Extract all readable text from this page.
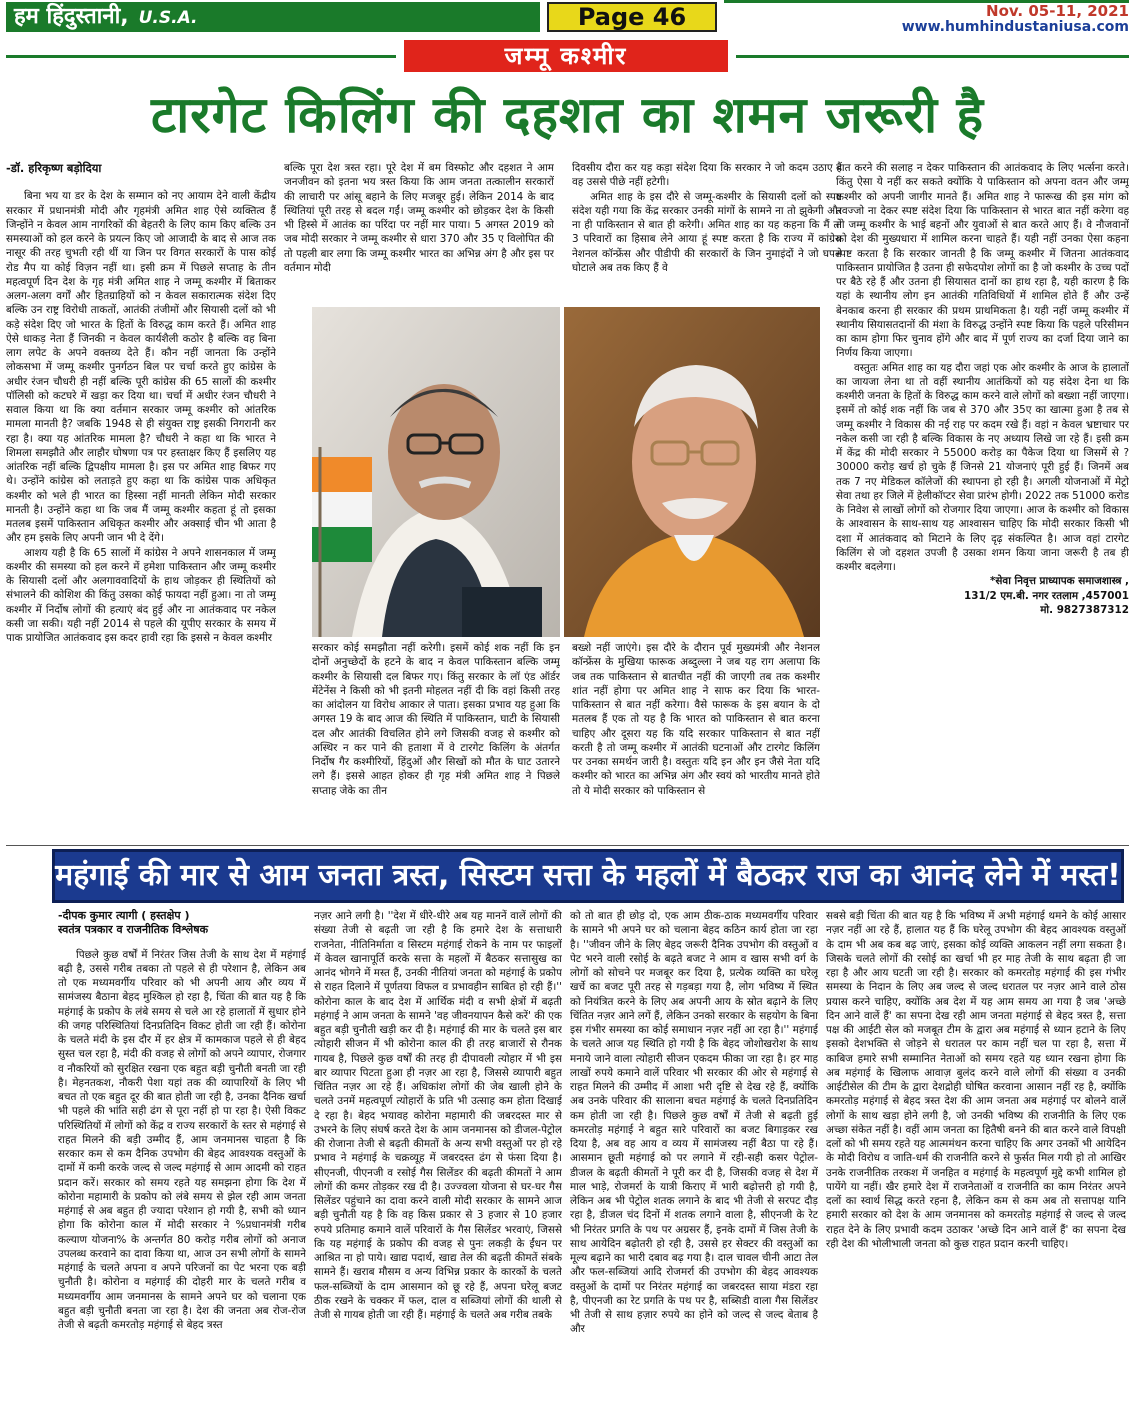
हम हिंदुस्तानी, U.S.A.	Page 46	Nov. 05-11, 2021
www.humhindustaniusa.com
जम्मू कश्मीर
टारगेट किलिंग की दहशत का शमन जरूरी है

-डॉ. हरिकृष्ण बड़ोदिया

बिना भय या डर के देश के सम्मान को नए आयाम देने वाली केंद्रीय सरकार में प्रधानमंत्री मोदी और गृहमंत्री अमित शाह ऐसे व्यक्तित्व हैं जिन्होंने न केवल आम नागरिकों की बेहतरी के लिए काम किए बल्कि उन समस्याओं को हल करने के प्रयत्न किए जो आजादी के बाद से आज तक नासूर की तरह चुभती रही थीं या जिन पर विगत सरकारों के पास कोई रोड मैप या कोई विज़न नहीं था। इसी क्रम में पिछले सप्ताह के तीन महत्वपूर्ण दिन देश के गृह मंत्री अमित शाह ने जम्मू कश्मीर में बिताकर अलग-अलग वर्गों और हितग्राहियों को न केवल सकारात्मक संदेश दिए बल्कि उन राष्ट्र विरोधी ताकतों, आतंकी तंजीमों और सियासी दलों को भी कड़े संदेश दिए जो भारत के हितों के विरुद्ध काम करते हैं। अमित शाह ऐसे धाकड़ नेता हैं जिनकी न केवल कार्यशैली कठोर है बल्कि वह बिना लाग लपेट के अपने वक्तव्य देते हैं। कौन नहीं जानता कि उन्होंने लोकसभा में जम्मू कश्मीर पुनर्गठन बिल पर चर्चा करते हुए कांग्रेस के अधीर रंजन चौधरी ही नहीं बल्कि पूरी कांग्रेस की 65 सालों की कश्मीर पॉलिसी को कटघरे में खड़ा कर दिया था। चर्चा में अधीर रंजन चौधरी ने सवाल किया था कि क्या वर्तमान सरकार जम्मू कश्मीर को आंतरिक मामला मानती है? जबकि 1948 से ही संयुक्त राष्ट्र इसकी निगरानी कर रहा है। क्या यह आंतरिक मामला है? चौधरी ने कहा था कि भारत ने शिमला समझौते और लाहौर घोषणा पत्र पर हस्ताक्षर किए हैं इसलिए यह आंतरिक नहीं बल्कि द्विपक्षीय मामला है। इस पर अमित शाह बिफर गए थे। उन्होंने कांग्रेस को लताड़ते हुए कहा था कि कांग्रेस पाक अधिकृत कश्मीर को भले ही भारत का हिस्सा नहीं मानती लेकिन मोदी सरकार मानती है। उन्होंने कहा था कि जब मैं जम्मू कश्मीर कहता हूं तो इसका मतलब इसमें पाकिस्तान अधिकृत कश्मीर और अक्साई चीन भी आता है और हम इसके लिए अपनी जान भी दे देंगे।

आशय यही है कि 65 सालों में कांग्रेस ने अपने शासनकाल में जम्मू कश्मीर की समस्या को हल करने में हमेशा पाकिस्तान और जम्मू कश्मीर के सियासी दलों और अलगाववादियों के हाथ जोड़कर ही स्थितियों को संभालने की कोशिश की किंतु उसका कोई फायदा नहीं हुआ। ना तो जम्मू कश्मीर में निर्दोष लोगों की हत्याएं बंद हुई और ना आतंकवाद पर नकेल कसी जा सकी। यही नहीं 2014 से पहले की यूपीए सरकार के समय में पाक प्रायोजित आतंकवाद इस कदर हावी रहा कि इससे न केवल कश्मीर

बल्कि पूरा देश त्रस्त रहा। पूरे देश में बम विस्फोट और दहशत ने आम जनजीवन को इतना भय त्रस्त किया कि आम जनता तत्कालीन सरकारों की लाचारी पर आंसू बहाने के लिए मजबूर हुई। लेकिन 2014 के बाद स्थितियां पूरी तरह से बदल गईं। जम्मू कश्मीर को छोड़कर देश के किसी भी हिस्से में आतंक का परिंदा पर नहीं मार पाया। 5 अगस्त 2019 को जब मोदी सरकार ने जम्मू कश्मीर से धारा 370 और 35 ए विलोपित की तो पहली बार लगा कि जम्मू कश्मीर भारत का अभिन्न अंग है और इस पर वर्तमान मोदी

दिवसीय दौरा कर यह कड़ा संदेश दिया कि सरकार ने जो कदम उठाए हैं वह उससे पीछे नहीं हटेगी।

अमित शाह के इस दौरे से जम्मू-कश्मीर के सियासी दलों को स्पष्ट संदेश यही गया कि केंद्र सरकार उनकी मांगों के सामने ना तो झुकेगी और ना ही पाकिस्तान से बात ही करेगी। अमित शाह का यह कहना कि मैं तो 3 परिवारों का हिसाब लेने आया हूं स्पष्ट करता है कि राज्य में कांग्रेस नेशनल कॉन्फ्रेंस और पीडीपी की सरकारों के जिन नुमाइंदों ने जो घपले घोटाले अब तक किए हैं वे

सरकार कोई समझौता नहीं करेगी। इसमें कोई शक नहीं कि इन दोनों अनुच्छेदों के हटने के बाद न केवल पाकिस्तान बल्कि जम्मू कश्मीर के सियासी दल बिफर गए। किंतु सरकार के लॉ एंड ऑर्डर मेंटेनेंस ने किसी को भी इतनी मोहलत नहीं दी कि वहां किसी तरह का आंदोलन या विरोध आकार ले पाता। इसका प्रभाव यह हुआ कि अगस्त 19 के बाद आज की स्थिति में पाकिस्तान, घाटी के सियासी दल और आतंकी विचलित होने लगे जिसकी वजह से कश्मीर को अस्थिर न कर पाने की हताशा में वे टारगेट किलिंग के अंतर्गत निर्दोष गैर कश्मीरियों, हिंदुओं और सिखों को मौत के घाट उतारने लगे हैं। इससे आहत होकर ही गृह मंत्री अमित शाह ने पिछले सप्ताह जेके का तीन

बख्शे नहीं जाएंगे। इस दौरे के दौरान पूर्व मुख्यमंत्री और नेशनल कॉन्फ्रेंस के मुखिया फारूक अब्दुल्ला ने जब यह राग अलापा कि जब तक पाकिस्तान से बातचीत नहीं की जाएगी तब तक कश्मीर शांत नहीं होगा पर अमित शाह ने साफ कर दिया कि भारत-पाकिस्तान से बात नहीं करेगा। वैसे फारूक के इस बयान के दो मतलब हैं एक तो यह है कि भारत को पाकिस्तान से बात करना चाहिए और दूसरा यह कि यदि सरकार पाकिस्तान से बात नहीं करती है तो जम्मू कश्मीर में आतंकी घटनाओं और टारगेट किलिंग पर उनका समर्थन जारी है। वस्तुतः यदि इन और इन जैसे नेता यदि कश्मीर को भारत का अभिन्न अंग और स्वयं को भारतीय मानते होते तो ये मोदी सरकार को पाकिस्तान से

बात करने की सलाह न देकर पाकिस्तान की आतंकवाद के लिए भर्त्सना करते। किंतु ऐसा ये नहीं कर सकते क्योंकि ये पाकिस्तान को अपना वतन और जम्मू कश्मीर को अपनी जागीर मानते हैं। अमित शाह ने फारूख की इस मांग को तवज्जो ना देकर स्पष्ट संदेश दिया कि पाकिस्तान से भारत बात नहीं करेगा वह तो जम्मू कश्मीर के भाई बहनों और युवाओं से बात करते आए हैं। वे नौजवानों को देश की मुख्यधारा में शामिल करना चाहते हैं। यही नहीं उनका ऐसा कहना स्पष्ट करता है कि सरकार जानती है कि जम्मू कश्मीर में जितना आतंकवाद पाकिस्तान प्रायोजित है उतना ही सफेदपोश लोगों का है जो कश्मीर के उच्च पदों पर बैठे रहे हैं और उतना ही सियासत दानों का हाथ रहा है, यही कारण है कि यहां के स्थानीय लोग इन आतंकी गतिविधियों में शामिल होते हैं और उन्हें बेनकाब करना ही सरकार की प्रथम प्राथमिकता है। यही नहीं जम्मू कश्मीर में स्थानीय सियासतदानों की मंशा के विरुद्ध उन्होंने स्पष्ट किया कि पहले परिसीमन का काम होगा फिर चुनाव होंगे और बाद में पूर्ण राज्य का दर्जा दिया जाने का निर्णय किया जाएगा।

वस्तुतः अमित शाह का यह दौरा जहां एक ओर कश्मीर के आज के हालातों का जायजा लेना था तो वहीं स्थानीय आतंकियों को यह संदेश देना था कि कश्मीरी जनता के हितों के विरुद्ध काम करने वाले लोगों को बख्शा नहीं जाएगा। इसमें तो कोई शक नहीं कि जब से 370 और 35ए का खात्मा हुआ है तब से जम्मू कश्मीर ने विकास की नई राह पर कदम रखे हैं। वहां न केवल भ्रष्टाचार पर नकेल कसी जा रही है बल्कि विकास के नए अध्याय लिखे जा रहे हैं। इसी क्रम में केंद्र की मोदी सरकार ने 55000 करोड़ का पैकेज दिया था जिसमें से ?30000 करोड़ खर्च हो चुके हैं जिनसे 21 योजनाएं पूरी हुई हैं। जिनमें अब तक 7 नए मेडिकल कॉलेजों की स्थापना हो रही है। अगली योजनाओं में मेट्रो सेवा तथा हर जिले में हेलीकॉप्टर सेवा प्रारंभ होगी। 2022 तक 51000 करोड के निवेश से लाखों लोगों को रोजगार दिया जाएगा। आज के कश्मीर को विकास के आश्वासन के साथ-साथ यह आश्वासन चाहिए कि मोदी सरकार किसी भी दशा में आतंकवाद को मिटाने के लिए दृढ़ संकल्पित है। आज वहां टारगेट किलिंग से जो दहशत उपजी है उसका शमन किया जाना जरूरी है तब ही कश्मीर बदलेगा।

*सेवा निवृत्त प्राध्यापक समाजशास्त्र ,

131/2 एम.बी. नगर रतलाम ,457001

मो. 9827387312

महंगाई की मार से आम जनता त्रस्त, सिस्टम सत्ता के महलों में बैठकर राज का आनंद लेने में मस्त!

-दीपक कुमार त्यागी ( हस्तक्षेप )

स्वतंत्र पत्रकार व राजनीतिक विश्लेषक

पिछले कुछ वर्षों में निरंतर जिस तेजी के साथ देश में महंगाई बढ़ी है, उससे गरीब तबका तो पहले से ही परेशान है, लेकिन अब तो एक मध्यमवर्गीय परिवार को भी अपनी आय और व्यय में सामंजस्य बैठाना बेहद मुश्किल हो रहा है, चिंता की बात यह है कि महंगाई के प्रकोप के लंबे समय से चले आ रहे हालातों में सुधार होने की जगह परिस्थितियां दिनप्रतिदिन विकट होती जा रही हैं। कोरोना के चलते मंदी के इस दौर में हर क्षेत्र में कामकाज पहले से ही बेहद सुस्त चल रहा है, मंदी की वजह से लोगों को अपने व्यापार, रोजगार व नौकरियों को सुरक्षित रखना एक बहुत बड़ी चुनौती बनती जा रही है। मेहनतकश, नौकरी पेशा यहां तक की व्यापारियों के लिए भी बचत तो एक बहुत दूर की बात होती जा रही है, उनका दैनिक खर्चा भी पहले की भांति सही ढंग से पूरा नहीं हो पा रहा है। ऐसी विकट परिस्थितियों में लोगों को केंद्र व राज्य सरकारों के स्तर से महंगाई से राहत मिलने की बड़ी उम्मीद हैं, आम जनमानस चाहता है कि सरकार कम से कम दैनिक उपभोग की बेहद आवश्यक वस्तुओं के दामों में कमी करके जल्द से जल्द महंगाई से आम आदमी को राहत प्रदान करें। सरकार को समय रहते यह समझना होगा कि देश में कोरोना महामारी के प्रकोप को लंबे समय से झेल रही आम जनता महंगाई से अब बहुत ही ज्यादा परेशान हो गयी है, सभी को ध्यान होगा कि कोरोना काल में मोदी सरकार ने %प्रधानमंत्री गरीब कल्याण योजना% के अन्तर्गत 80 करोड़ गरीब लोगों को अनाज उपलब्ध करवाने का दावा किया था, आज उन सभी लोगों के सामने महंगाई के चलते अपना व अपने परिजनों का पेट भरना एक बड़ी चुनौती है। कोरोना व महंगाई की दोहरी मार के चलते गरीब व मध्यमवर्गीय आम जनमानस के सामने अपने घर को चलाना एक बहुत बड़ी चुनौती बनता जा रहा है। देश की जनता अब रोज-रोज तेजी से बढ़ती कमरतोड़ महंगाई से बेहद त्रस्त

नज़र आने लगी है। ''देश में धीरे-धीरे अब यह माननें वालें लोगों की संख्या तेजी से बढ़ती जा रही है कि हमारे देश के सत्ताधारी राजनेता, नीतिनिर्माता व सिस्टम महंगाई रोकने के नाम पर फाइलों में केवल खानापूर्ति करके सत्ता के महलों में बैठकर सत्तासुख का आनंद भोगने में मस्त हैं, उनकी नीतियां जनता को महंगाई के प्रकोप से राहत दिलाने में पूर्णतया विफल व प्रभावहीन साबित हो रही हैं।'' कोरोना काल के बाद देश में आर्थिक मंदी व सभी क्षेत्रों में बढ़ती महंगाई ने आम जनता के सामने 'वह जीवनयापन कैसे करें' की एक बहुत बड़ी चुनौती खड़ी कर दी है। महंगाई की मार के चलते इस बार त्योहारी सीजन में भी कोरोना काल की ही तरह बाजारों से रौनक गायब है, पिछले कुछ वर्षों की तरह ही दीपावली त्योहार में भी इस बार व्यापार पिटता हुआ ही नज़र आ रहा है, जिससे व्यापारी बहुत चिंतित नज़र आ रहे हैं। अधिकांश लोगों की जेब खाली होने के चलते उनमें महत्वपूर्ण त्योहारों के प्रति भी उत्साह कम होता दिखाई दे रहा है। बेहद भयावह कोरोना महामारी की जबरदस्त मार से उभरने के लिए संघर्ष करते देश के आम जनमानस को डीजल-पेट्रोल की रोजाना तेजी से बढ़ती कीमतों के अन्य सभी वस्तुओं पर हो रहे प्रभाव ने महंगाई के चक्रव्यूह में जबरदस्त ढंग से फंसा दिया है। सीएनजी, पीएनजी व रसोई गैस सिलेंडर की बढ़ती कीमतों ने आम लोगों की कमर तोड़कर रख दी है। उज्ज्वला योजना से घर-घर गैस सिलेंडर पहुंचाने का दावा करने वाली मोदी सरकार के सामने आज बड़ी चुनौती यह है कि वह किस प्रकार से 3 हजार से 10 हजार रुपये प्रतिमाह कमाने वालें परिवारों के गैस सिलेंडर भरवाएं, जिससे कि यह महंगाई के प्रकोप की वजह से पुनः लकड़ी के ईंधन पर आश्रित ना हो पाये। खाद्य पदार्थ, खाद्य तेल की बढ़ती कीमतें संबके सामने हैं। खराब मौसम व अन्य विभिन्न प्रकार के कारकों के चलते फल-सब्जियों के दाम आसमान को छू रहे हैं, अपना घरेलू बजट ठीक रखने के चक्कर में फल, दाल व सब्जियां लोगों की थाली से तेजी से गायब होती जा रही हैं। महंगाई के चलते अब गरीब तबके

को तो बात ही छोड़ दो, एक आम ठीक-ठाक मध्यमवर्गीय परिवार के सामने भी अपने घर को चलाना बेहद कठिन कार्य होता जा रहा है। ''जीवन जीने के लिए बेहद जरूरी दैनिक उपभोग की वस्तुओं व पेट भरने वाली रसोई के बढ़ते बजट ने आम व खास सभी वर्ग के लोगों को सोचने पर मजबूर कर दिया है, प्रत्येक व्यक्ति का घरेलू खर्चे का बजट पूरी तरह से गड़बड़ा गया है, लोग भविष्य में स्थित को नियंत्रित करने के लिए अब अपनी आय के स्रोत बढ़ाने के लिए चिंतित नज़र आने लगें हैं, लेकिन उनको सरकार के सहयोग के बिना इस गंभीर समस्या का कोई समाधान नज़र नहीं आ रहा है।'' महंगाई के चलते आज यह स्थिति हो गयी है कि बेहद जोशोखरोश के साथ मनाये जाने वाला त्योहारी सीजन एकदम फीका जा रहा है। हर माह लाखों रुपये कमाने वालें परिवार भी सरकार की ओर से महंगाई से राहत मिलने की उम्मीद में आशा भरी दृष्टि से देख रहे हैं, क्योंकि अब उनके परिवार की सालाना बचत महंगाई के चलते दिनप्रतिदिन कम होती जा रही है। पिछले कुछ वर्षों में तेजी से बढ़ती हुई कमरतोड़ महंगाई ने बहुत सारे परिवारों का बजट बिगाड़कर रख दिया है, अब वह आय व व्यय में सामंजस्य नहीं बैठा पा रहे हैं। आसमान छूती महंगाई को पर लगाने में रही-सही कसर पेट्रोल-डीजल के बढ़ती कीमतों ने पूरी कर दी है, जिसकी वजह से देश में माल भाड़े, रोजमर्रा के यात्री किराए में भारी बढ़ोत्तरी हो गयी है, लेकिन अब भी पेट्रोल शतक लगाने के बाद भी तेजी से सरपट दौड़ रहा है, डीजल चंद दिनों में शतक लगाने वाला है, सीएनजी के रेट भी निरंतर प्रगति के पथ पर अग्रसर हैं, इनके दामों में जिस तेजी के साथ आयेदिन बढ़ोतरी हो रही है, उससे हर सेक्टर की वस्तुओं का मूल्य बढ़ाने का भारी दबाव बढ़ गया है। दाल चावल चीनी आटा तेल और फल-सब्जियां आदि रोजमर्रा की उपभोग की बेहद आवश्यक वस्तुओं के दामों पर निरंतर महंगाई का जबरदस्त साया मंडरा रहा है, पीएनजी का रेट प्रगति के पथ पर है, सब्सिडी वाला गैस सिलेंडर भी तेजी से साथ हज़ार रुपये का होने को जल्द से जल्द बेताब है और

सबसे बड़ी चिंता की बात यह है कि भविष्य में अभी महंगाई थमने के कोई आसार नज़र नहीं आ रहे हैं, हालात यह हैं कि घरेलू उपभोग की बेहद आवश्यक वस्तुओं के दाम भी अब कब बढ़ जाएं, इसका कोई व्यक्ति आकलन नहीं लगा सकता है। जिसके चलते लोगों की रसोई का खर्चा भी हर माह तेजी के साथ बढ़ता ही जा रहा है और आय घटती जा रही है। सरकार को कमरतोड़ महंगाई की इस गंभीर समस्या के निदान के लिए अब जल्द से जल्द धरातल पर नज़र आने वाले ठोस प्रयास करने चाहिए, क्योंकि अब देश में यह आम समय आ गया है जब 'अच्छे दिन आने वालें हैं' का सपना देख रही आम जनता महंगाई से बेहद त्रस्त है, सत्ता पक्ष की आईटी सेल को मजबूत टीम के द्वारा अब महंगाई से ध्यान हटाने के लिए इसको देशभक्ति से जोड़ने से धरातल पर काम नहीं चल पा रहा है, सत्ता में काबिज हमारे सभी सम्मानित नेताओं को समय रहते यह ध्यान रखना होगा कि अब महंगाई के खिलाफ आवाज़ बुलंद करने वाले लोगों की संख्या व उनकी आईटीसेल की टीम के द्वारा देशद्रोही घोषित करवाना आसान नहीं रह है, क्योंकि कमरतोड़ महंगाई से बेहद त्रस्त देश की आम जनता अब महंगाई पर बोलने वालें लोगों के साथ खड़ा होने लगी है, जो उनकी भविष्य की राजनीति के लिए एक अच्छा संकेत नहीं है। वहीं आम जनता का हितैषी बनने की बात करने वाले विपक्षी दलों को भी समय रहते यह आत्ममंथन करना चाहिए कि अगर उनकों भी आयेदिन के मोदी विरोध व जाति-धर्म की राजनीति करने से फुर्सत मिल गयी हो तो आखिर उनके राजनीतिक तरकश में जनहित व महंगाई के महत्वपूर्ण मुद्दे कभी शामिल हो पायेंगे या नहीं। खैर हमारे देश में राजनेताओं व राजनीति का काम निरंतर अपने दलों का स्वार्थ सिद्ध करते रहना है, लेकिन कम से कम अब तो सत्तापक्ष यानि हमारी सरकार को देश के आम जनमानस को कमरतोड़ महंगाई से जल्द से जल्द राहत देने के लिए प्रभावी कदम उठाकर 'अच्छे दिन आने वालें हैं' का सपना देख रही देश की भोलीभाली जनता को कुछ राहत प्रदान करनी चाहिए।
